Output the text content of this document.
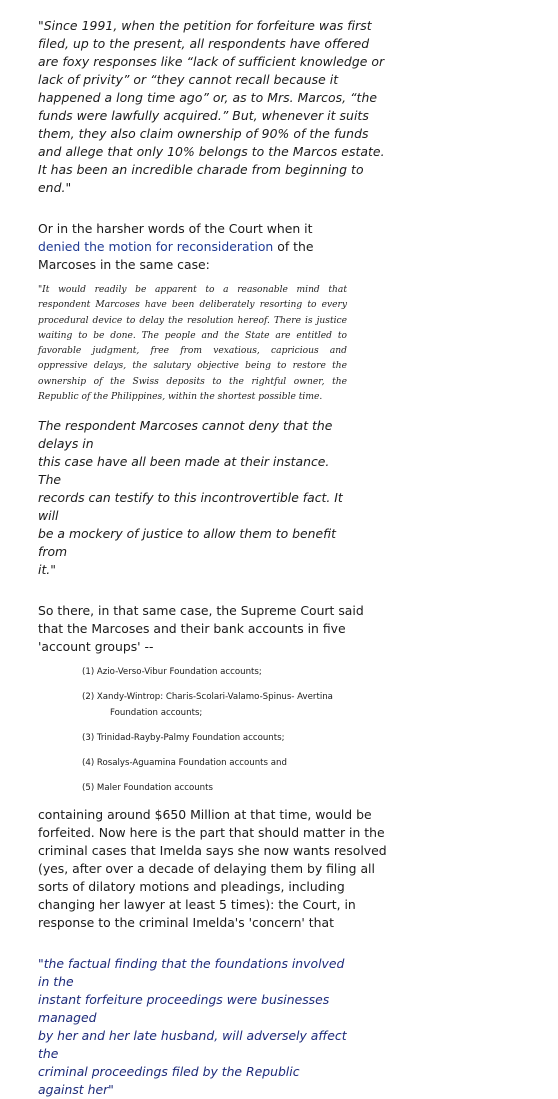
"Since 1991, when the petition for forfeiture was first
filed, up to the present, all respondents have offered
are foxy responses like “lack of sufficient knowledge or
lack of privity” or “they cannot recall because it
happened a long time ago” or, as to Mrs. Marcos, “the
funds were lawfully acquired.” But, whenever it suits
them, they also claim ownership of 90% of the funds
and allege that only 10% belongs to the Marcos estate.
It has been an incredible charade from beginning to
end."

Or in the harsher words of the Court when it denied the motion for reconsideration of the Marcoses in the same case:

"It would readily be apparent to a reasonable mind that respondent Marcoses have been deliberately resorting to every procedural device to delay the resolution hereof. There is justice waiting to be done. The people and the State are entitled to favorable judgment, free from vexatious, capricious and oppressive delays, the salutary objective being to restore the ownership of the Swiss deposits to the rightful owner, the Republic of the Philippines, within the shortest possible time.

The respondent Marcoses cannot deny that the delays in
this case have all been made at their instance. The
records can testify to this incontrovertible fact. It will
be a mockery of justice to allow them to benefit from
it."
So there, in that same case, the Supreme Court said
that the Marcoses and their bank accounts in five
'account groups' --
(1) Azio-Verso-Vibur Foundation accounts;
(2) Xandy-Wintrop: Charis-Scolari-Valamo-Spinus- Avertina
Foundation accounts;
(3) Trinidad-Rayby-Palmy Foundation accounts;
(4) Rosalys-Aguamina Foundation accounts and
(5) Maler Foundation accounts
containing around $650 Million at that time, would be
forfeited. Now here is the part that should matter in the
criminal cases that Imelda says she now wants resolved
(yes, after over a decade of delaying them by filing all
sorts of dilatory motions and pleadings, including
changing her lawyer at least 5 times): the Court, in
response to the criminal Imelda's 'concern' that
"the factual finding that the foundations involved in the
instant forfeiture proceedings were businesses managed
by her and her late husband, will adversely affect the
criminal proceedings filed by the Republic against her"
